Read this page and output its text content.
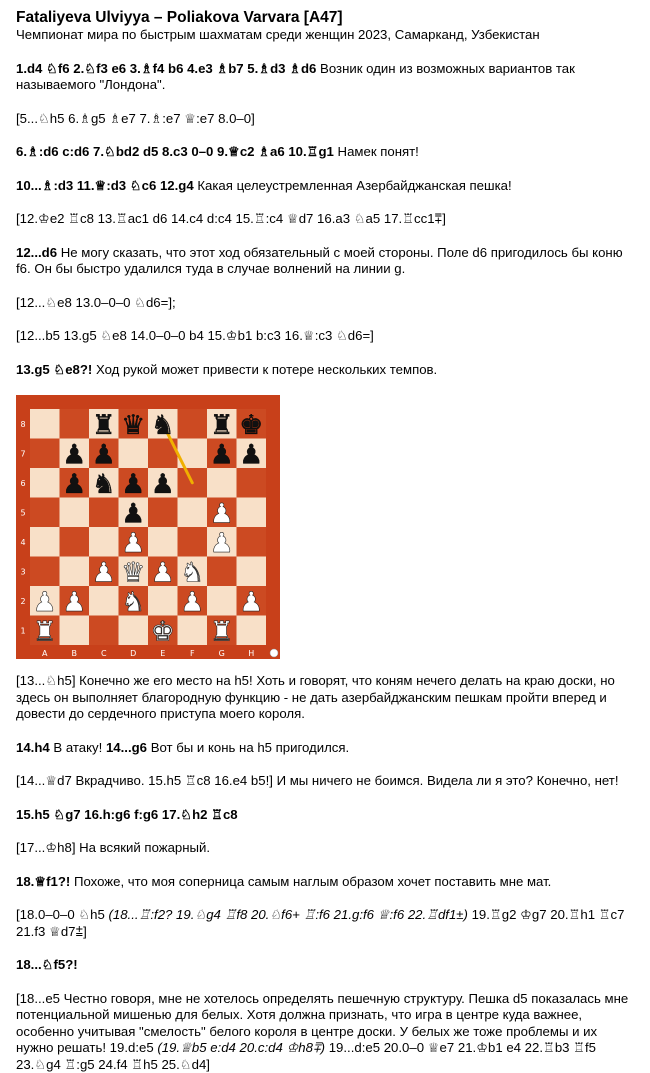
Fataliyeva Ulviyya – Poliakova Varvara [A47]
Чемпионат мира по быстрым шахматам среди женщин 2023, Самарканд, Узбекистан

1.d4 ♘f6 2.♘f3 e6 3.♗f4 b6 4.e3 ♗b7 5.♗d3 ♗d6 Возник один из возможных вариантов так называемого "Лондона".

[5...♘h5 6.♗g5 ♗e7 7.♗:e7 ♕:e7 8.0–0]

6.♗:d6 c:d6 7.♘bd2 d5 8.c3 0–0 9.♕c2 ♗a6 10.♖g1 Намек понят!

10...♗:d3 11.♕:d3 ♘c6 12.g4 Какая целеустремленная Азербайджанская пешка!

[12.♔e2 ♖c8 13.♖ac1 d6 14.c4 d:c4 15.♖:c4 ♕d7 16.a3 ♘a5 17.♖cc1⩱]

12...d6 Не могу сказать, что этот ход обязательный с моей стороны. Поле d6 пригодилось бы коню f6. Он бы быстро удалился туда в случае волнений на линии g.

[12...♘e8 13.0–0–0 ♘d6=];

[12...b5 13.g5 ♘e8 14.0–0–0 b4 15.♔b1 b:c3 16.♕:c3 ♘d6=]

13.g5 ♘e8?! Ход рукой может привести к потере нескольких темпов.

A	B	C	D	E	F	G	H
8
7
6
5
4
3
2
1
♜ ♛ ♞ ♜ ♚
♟ ♟	♟ ♟
♞ ♟ ♟
♟
♟
♟ ♟
♟
♟ ♛ ♟ ♞
♟ ♟ ♞ ♟ ♟
♜	♚ ♜

[13...♘h5] Конечно же его место на h5! Хоть и говорят, что коням нечего делать на краю доски, но здесь он выполняет благородную функцию - не дать азербайджанским пешкам пройти вперед и довести до сердечного приступа моего короля.

14.h4 В атаку! 14...g6 Вот бы и конь на h5 пригодился.

[14...♕d7 Вкрадчиво. 15.h5 ♖c8 16.e4 b5!] И мы ничего не боимся. Видела ли я это? Конечно, нет!

15.h5 ♘g7 16.h:g6 f:g6 17.♘h2 ♖c8

[17...♔h8] На всякий пожарный.

18.♕f1?! Похоже, что моя соперница самым наглым образом хочет поставить мне мат.

[18.0–0–0 ♘h5 (18...♖:f2? 19.♘g4 ♖f8 20.♘f6+ ♖:f6 21.g:f6 ♕:f6 22.♖df1±) 19.♖g2 ♔g7 20.♖h1 ♖c7 21.f3 ♕d7⩲]

18...♘f5?!

[18...e5 Честно говоря, мне не хотелось определять пешечную структуру. Пешка d5 показалась мне потенциальной мишенью для белых. Хотя должна признать, что игра в центре куда важнее, особенно учитывая "смелость" белого короля в центре доски. У белых же тоже проблемы и их нужно решать! 19.d:e5 (19.♕b5 e:d4 20.c:d4 ♔h8⩱) 19...d:e5 20.0–0 ♕e7 21.♔b1 e4 22.♖b3 ♖f5 23.♘g4 ♖:g5 24.f4 ♖h5 25.♘d4]
